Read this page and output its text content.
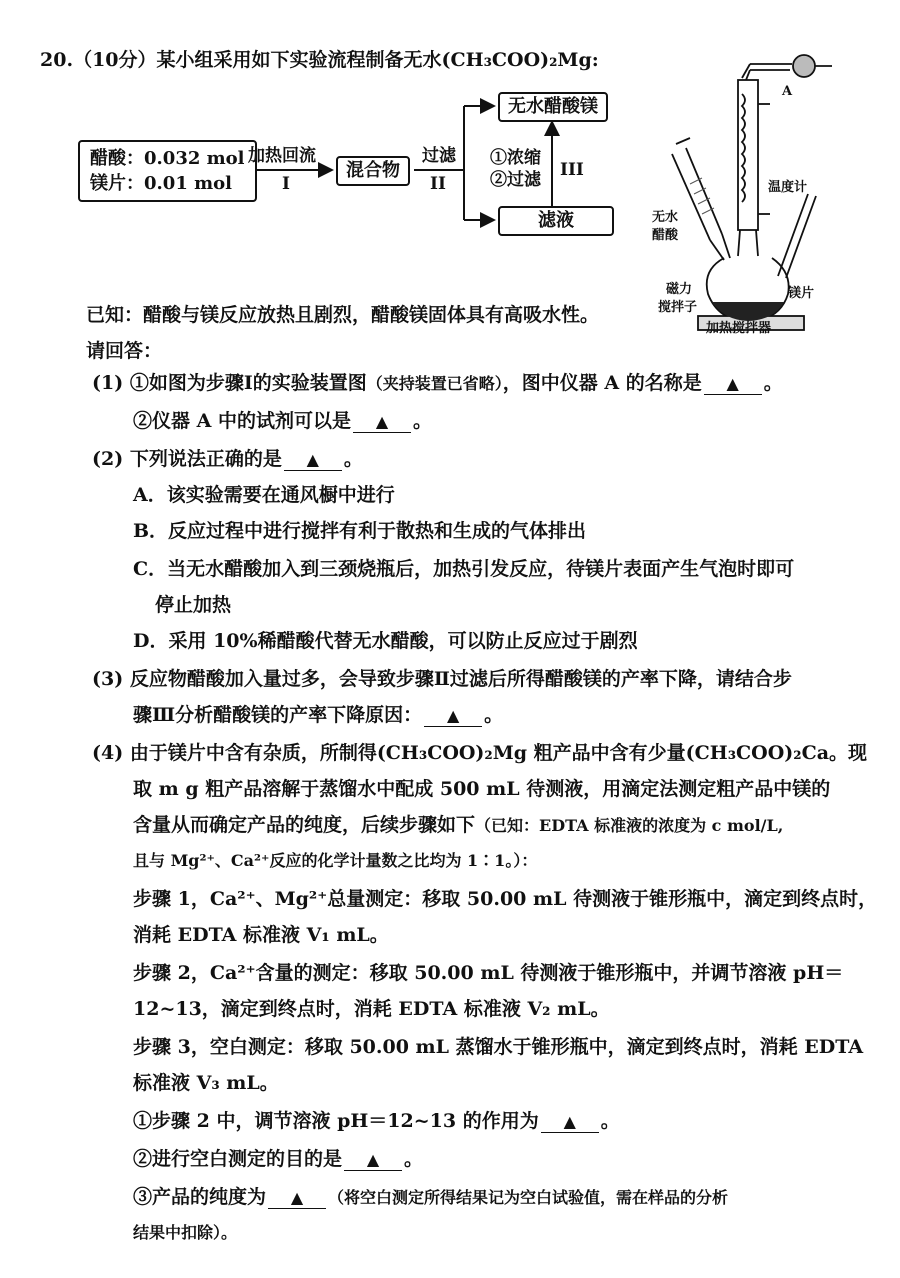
20.（10分）某小组采用如下实验流程制备无水(CH₃COO)₂Mg:
醋酸：0.032 mol
镁片：0.01 mol
加热回流
I
混合物
过滤
II
无水醋酸镁
滤液
①浓缩
②过滤 III
A
温度计
无水
醋酸
磁力
搅拌子
镁片
加热搅拌器
已知：醋酸与镁反应放热且剧烈，醋酸镁固体具有高吸水性。
请回答：
(1) ①如图为步骤Ⅰ的实验装置图（夹持装置已省略），图中仪器 A 的名称是 ▲ 。
②仪器 A 中的试剂可以是 ▲ 。
(2) 下列说法正确的是 ▲ 。
A．该实验需要在通风橱中进行
B．反应过程中进行搅拌有利于散热和生成的气体排出
C．当无水醋酸加入到三颈烧瓶后，加热引发反应，待镁片表面产生气泡时即可
停止加热
D．采用 10%稀醋酸代替无水醋酸，可以防止反应过于剧烈
(3) 反应物醋酸加入量过多，会导致步骤Ⅱ过滤后所得醋酸镁的产率下降，请结合步
骤Ⅲ分析醋酸镁的产率下降原因： ▲ 。
(4) 由于镁片中含有杂质，所制得(CH₃COO)₂Mg 粗产品中含有少量(CH₃COO)₂Ca。现
取 m g 粗产品溶解于蒸馏水中配成 500 mL 待测液，用滴定法测定粗产品中镁的
含量从而确定产品的纯度，后续步骤如下（已知：EDTA 标准液的浓度为 c mol/L,
且与 Mg²⁺、Ca²⁺反应的化学计量数之比均为 1∶1。）：
步骤 1，Ca²⁺、Mg²⁺总量测定：移取 50.00 mL 待测液于锥形瓶中，滴定到终点时，
消耗 EDTA 标准液 V₁ mL。
步骤 2，Ca²⁺含量的测定：移取 50.00 mL 待测液于锥形瓶中，并调节溶液 pH＝
12~13，滴定到终点时，消耗 EDTA 标准液 V₂ mL。
步骤 3，空白测定：移取 50.00 mL 蒸馏水于锥形瓶中，滴定到终点时，消耗 EDTA
标准液 V₃ mL。
①步骤 2 中，调节溶液 pH＝12~13 的作用为 ▲ 。
②进行空白测定的目的是 ▲ 。
③产品的纯度为 ▲ （将空白测定所得结果记为空白试验值，需在样品的分析
结果中扣除）。
